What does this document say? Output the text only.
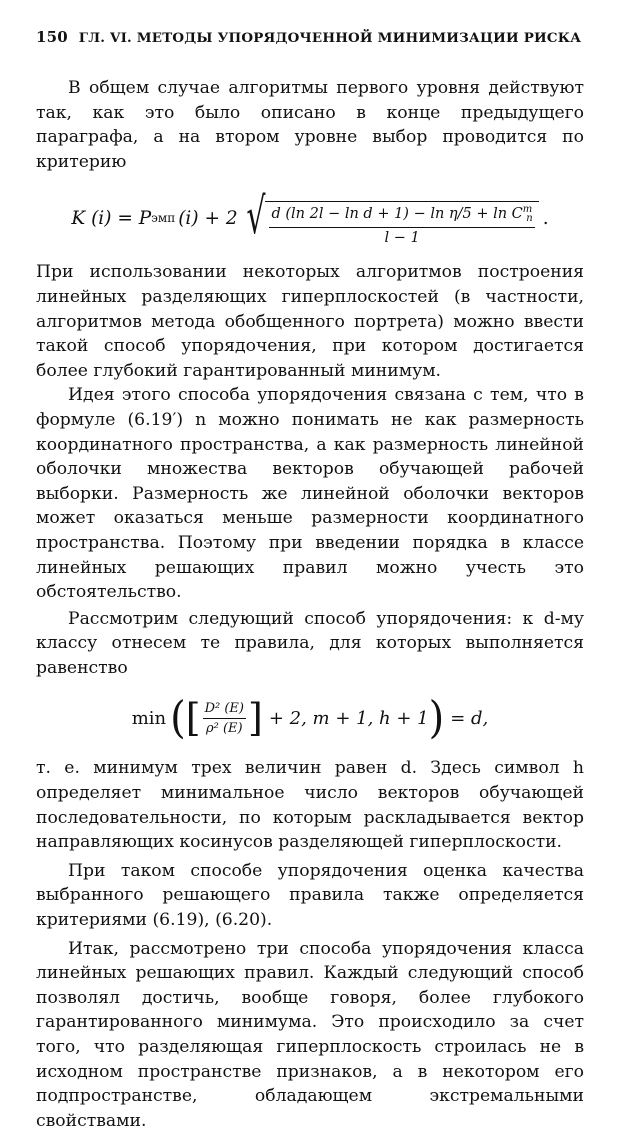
150 ГЛ. VI. МЕТОДЫ УПОРЯДОЧЕННОЙ МИНИМИЗАЦИИ РИСКА

В общем случае алгоритмы первого уровня действуют так, как это было описано в конце предыдущего параграфа, а на втором уровне выбор проводится по критерию

K (i) = P эмп (i) + 2 √ $\frac{d (\ln 2l - \ln d + 1) - \ln \eta/5 + \ln C^m_n}{l - 1}$ .

При использовании некоторых алгоритмов построения линейных разделяющих гиперплоскостей (в частности, алгоритмов метода обобщенного портрета) можно ввести такой способ упорядочения, при котором достигается более глубокий гарантированный минимум.

Идея этого способа упорядочения связана с тем, что в формуле (6.19′) n можно понимать не как размерность координатного пространства, а как размерность линейной оболочки множества векторов обучающей рабочей выборки. Размерность же линейной оболочки векторов может оказаться меньше размерности координатного пространства. Поэтому при введении порядка в классе линейных решающих правил можно учесть это обстоятельство.

Рассмотрим следующий способ упорядочения: к d-му классу отнесем те правила, для которых выполняется равенство

min ( [ $\frac{\text{D² (E)}}{\text{ρ² (E)}}$ ] + 2, m + 1, h + 1 ) = d,

т. е. минимум трех величин равен d. Здесь символ h определяет минимальное число векторов обучающей последовательности, по которым раскладывается вектор направляющих косинусов разделяющей гиперплоскости.

При таком способе упорядочения оценка качества выбранного решающего правила также определяется критериями (6.19), (6.20).

Итак, рассмотрено три способа упорядочения класса линейных решающих правил. Каждый следующий способ позволял достичь, вообще говоря, более глубокого гарантированного минимума. Это происходило за счет того, что разделяющая гиперплоскость строилась не в исходном пространстве признаков, а в некотором его подпространстве, обладающем экстремальными свойствами.
